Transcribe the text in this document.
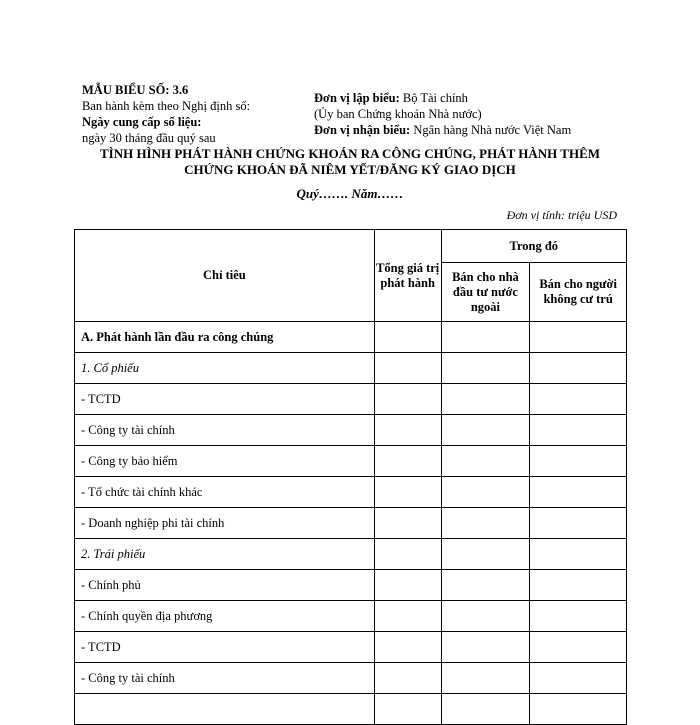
MẪU BIỂU SỐ: 3.6
Ban hành kèm theo Nghị định số:
Ngày cung cấp số liệu:
ngày 30 tháng đầu quý sau
Đơn vị lập biểu: Bộ Tài chính
(Ủy ban Chứng khoán Nhà nước)
Đơn vị nhận biểu: Ngân hàng Nhà nước Việt Nam
TÌNH HÌNH PHÁT HÀNH CHỨNG KHOÁN RA CÔNG CHÚNG, PHÁT HÀNH THÊM
CHỨNG KHOÁN ĐÃ NIÊM YẾT/ĐĂNG KÝ GIAO DỊCH
Quý……. Năm……
Đơn vị tính: triệu USD
Chỉ tiêu	Tổng giá trị phát hành	Trong đó	
		Bán cho nhà đầu tư nước ngoài	Bán cho người không cư trú
A. Phát hành lần đầu ra công chúng			
1. Cổ phiếu			
- TCTD			
- Công ty tài chính			
- Công ty bảo hiểm			
- Tổ chức tài chính khác			
- Doanh nghiệp phi tài chính			
2. Trái phiếu			
- Chính phủ			
- Chính quyền địa phương			
- TCTD			
- Công ty tài chính			
